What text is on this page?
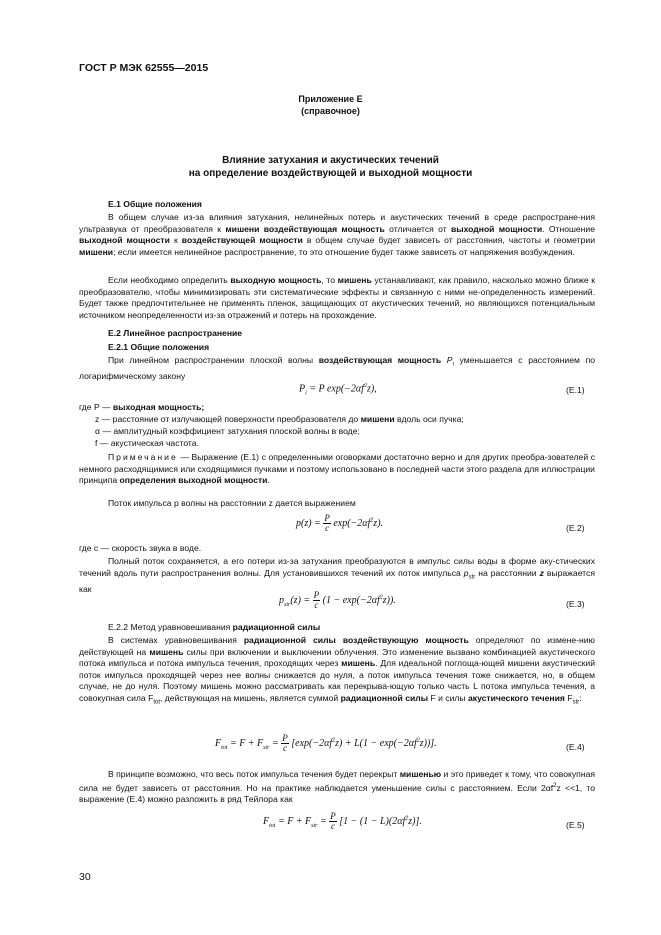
ГОСТ Р МЭК 62555—2015
Приложение Е
(справочное)
Влияние затухания и акустических течений
на определение воздействующей и выходной мощности
Е.1 Общие положения
В общем случае из-за влияния затухания, нелинейных потерь и акустических течений в среде распростране-ния ультразвука от преобразователя к мишени воздействующая мощность отличается от выходной мощности. Отношение выходной мощности к воздействующей мощности в общем случае будет зависеть от расстояния, частоты и геометрии мишени; если имеется нелинейное распространение, то это отношение будет также зависеть от напряжения возбуждения.
Если необходимо определить выходную мощность, то мишень устанавливают, как правило, насколько можно ближе к преобразователю, чтобы минимизировать эти систематические эффекты и связанную с ними не-определенность измерений. Будет также предпочтительнее не применять пленок, защищающих от акустических течений, но являющихся потенциальным источником неопределенности из-за отражений и потерь на прохождение.
Е.2 Линейное распространение
Е.2.1 Общие положения
При линейном распространении плоской волны воздействующая мощность $P_i$ уменьшается с расстоянием по логарифмическому закону
$P_i = P$ $\exp(-2\alpha f^2z)$,	(Е.1)
где P — выходная мощность;
z — расстояние от излучающей поверхности преобразователя до мишени вдоль оси пучка;
α — амплитудный коэффициент затухания плоской волны в воде;
f — акустическая частота.
Примечание — Выражение (Е.1) с определенными оговорками достаточно верно и для других преобра-зователей с немного расходящимися или сходящимися пучками и поэтому использовано в последней части этого раздела для иллюстрации принципа определения выходной мощности.
Поток импульса p волны на расстоянии z дается выражением
$p(z) = \frac{P}{c} \exp(-2\alpha f^2z)$.	(Е.2)
где c — скорость звука в воде.
Полный поток сохраняется, а его потери из-за затухания преобразуются в импульс силы воды в форме аку-стических течений вдоль пути распространения волны. Для установившихся течений их поток импульса $p_{str}$ на расстоянии z выражается как
$p_{str}(z) = \frac{P}{c} (1 - \exp(-2\alpha f^2z))$.	(Е.3)
Е.2.2 Метод уравновешивания радиационной силы
В системах уравновешивания радиационной силы воздействующую мощность определяют по измене-нию действующей на мишень силы при включении и выключении облучения. Это изменение вызвано комбинацией акустического потока импульса и потока импульса течения, проходящих через мишень. Для идеальной поглоща-ющей мишени акустический поток импульса проходящей через нее волны снижается до нуля, а поток импульса течения тоже снижается, но, в общем случае, не до нуля. Поэтому мишень можно рассматривать как перекрыва-ющую только часть L потока импульса течения, а совокупная сила $F_{tot}$, действующая на мишень, является суммой радиационной силы F и силы акустического течения $F_{str}$:
$F_{tot} = F + F_{str} = \frac{P}{c} [\exp(-2\alpha f^2z) + L(1 - \exp(-2\alpha f^2z))]$.	(Е.4)
В принципе возможно, что весь поток импульса течения будет перекрыт мишенью и это приведет к тому, что совокупная сила не будет зависеть от расстояния. Но на практике наблюдается уменьшение силы с расстоянием. Если $2\alpha f^2z <<1$, то выражение (Е.4) можно разложить в ряд Тейлора как
$F_{tot} = F + F_{str} = \frac{P}{c} [1 - (1 - L)(2\alpha f^2z)]$.	(Е.5)
30
